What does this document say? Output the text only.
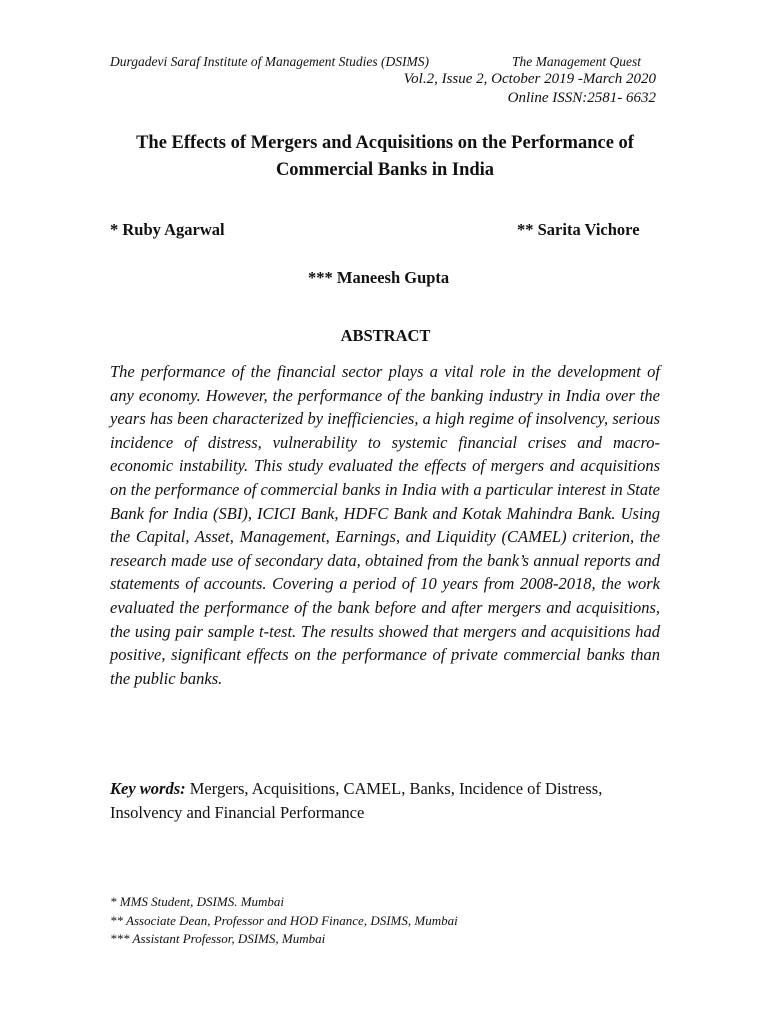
Durgadevi Saraf Institute of Management Studies (DSIMS)	The Management Quest
Vol.2, Issue 2, October 2019 -March 2020
Online ISSN:2581- 6632
The Effects of Mergers and Acquisitions on the Performance of Commercial Banks in India
* Ruby Agarwal	** Sarita Vichore
*** Maneesh Gupta
ABSTRACT

The performance of the financial sector plays a vital role in the development of any economy. However, the performance of the banking industry in India over the years has been characterized by inefficiencies, a high regime of insolvency, serious incidence of distress, vulnerability to systemic financial crises and macro-economic instability. This study evaluated the effects of mergers and acquisitions on the performance of commercial banks in India with a particular interest in State Bank for India (SBI), ICICI Bank, HDFC Bank and Kotak Mahindra Bank. Using the Capital, Asset, Management, Earnings, and Liquidity (CAMEL) criterion, the research made use of secondary data, obtained from the bank’s annual reports and statements of accounts. Covering a period of 10 years from 2008-2018, the work evaluated the performance of the bank before and after mergers and acquisitions, the using pair sample t-test. The results showed that mergers and acquisitions had positive, significant effects on the performance of private commercial banks than the public banks.

Key words: Mergers, Acquisitions, CAMEL, Banks, Incidence of Distress, Insolvency and Financial Performance

* MMS Student, DSIMS. Mumbai
** Associate Dean, Professor and HOD Finance, DSIMS, Mumbai
*** Assistant Professor, DSIMS, Mumbai
